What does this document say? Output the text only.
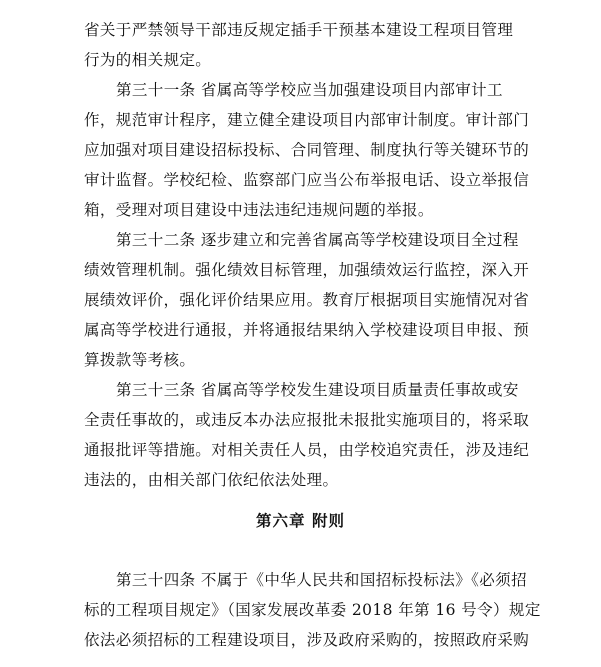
省关于严禁领导干部违反规定插手干预基本建设工程项目管理
行为的相关规定。
第三十一条 省属高等学校应当加强建设项目内部审计工
作，规范审计程序，建立健全建设项目内部审计制度。审计部门
应加强对项目建设招标投标、合同管理、制度执行等关键环节的
审计监督。学校纪检、监察部门应当公布举报电话、设立举报信
箱，受理对项目建设中违法违纪违规问题的举报。
第三十二条 逐步建立和完善省属高等学校建设项目全过程
绩效管理机制。强化绩效目标管理，加强绩效运行监控，深入开
展绩效评价，强化评价结果应用。教育厅根据项目实施情况对省
属高等学校进行通报，并将通报结果纳入学校建设项目申报、预
算拨款等考核。
第三十三条 省属高等学校发生建设项目质量责任事故或安
全责任事故的，或违反本办法应报批未报批实施项目的，将采取
通报批评等措施。对相关责任人员，由学校追究责任，涉及违纪
违法的，由相关部门依纪依法处理。
第六章 附则
第三十四条 不属于《中华人民共和国招标投标法》《必须招
标的工程项目规定》（国家发展改革委 2018 年第 16 号令）规定
依法必须招标的工程建设项目，涉及政府采购的，按照政府采购
